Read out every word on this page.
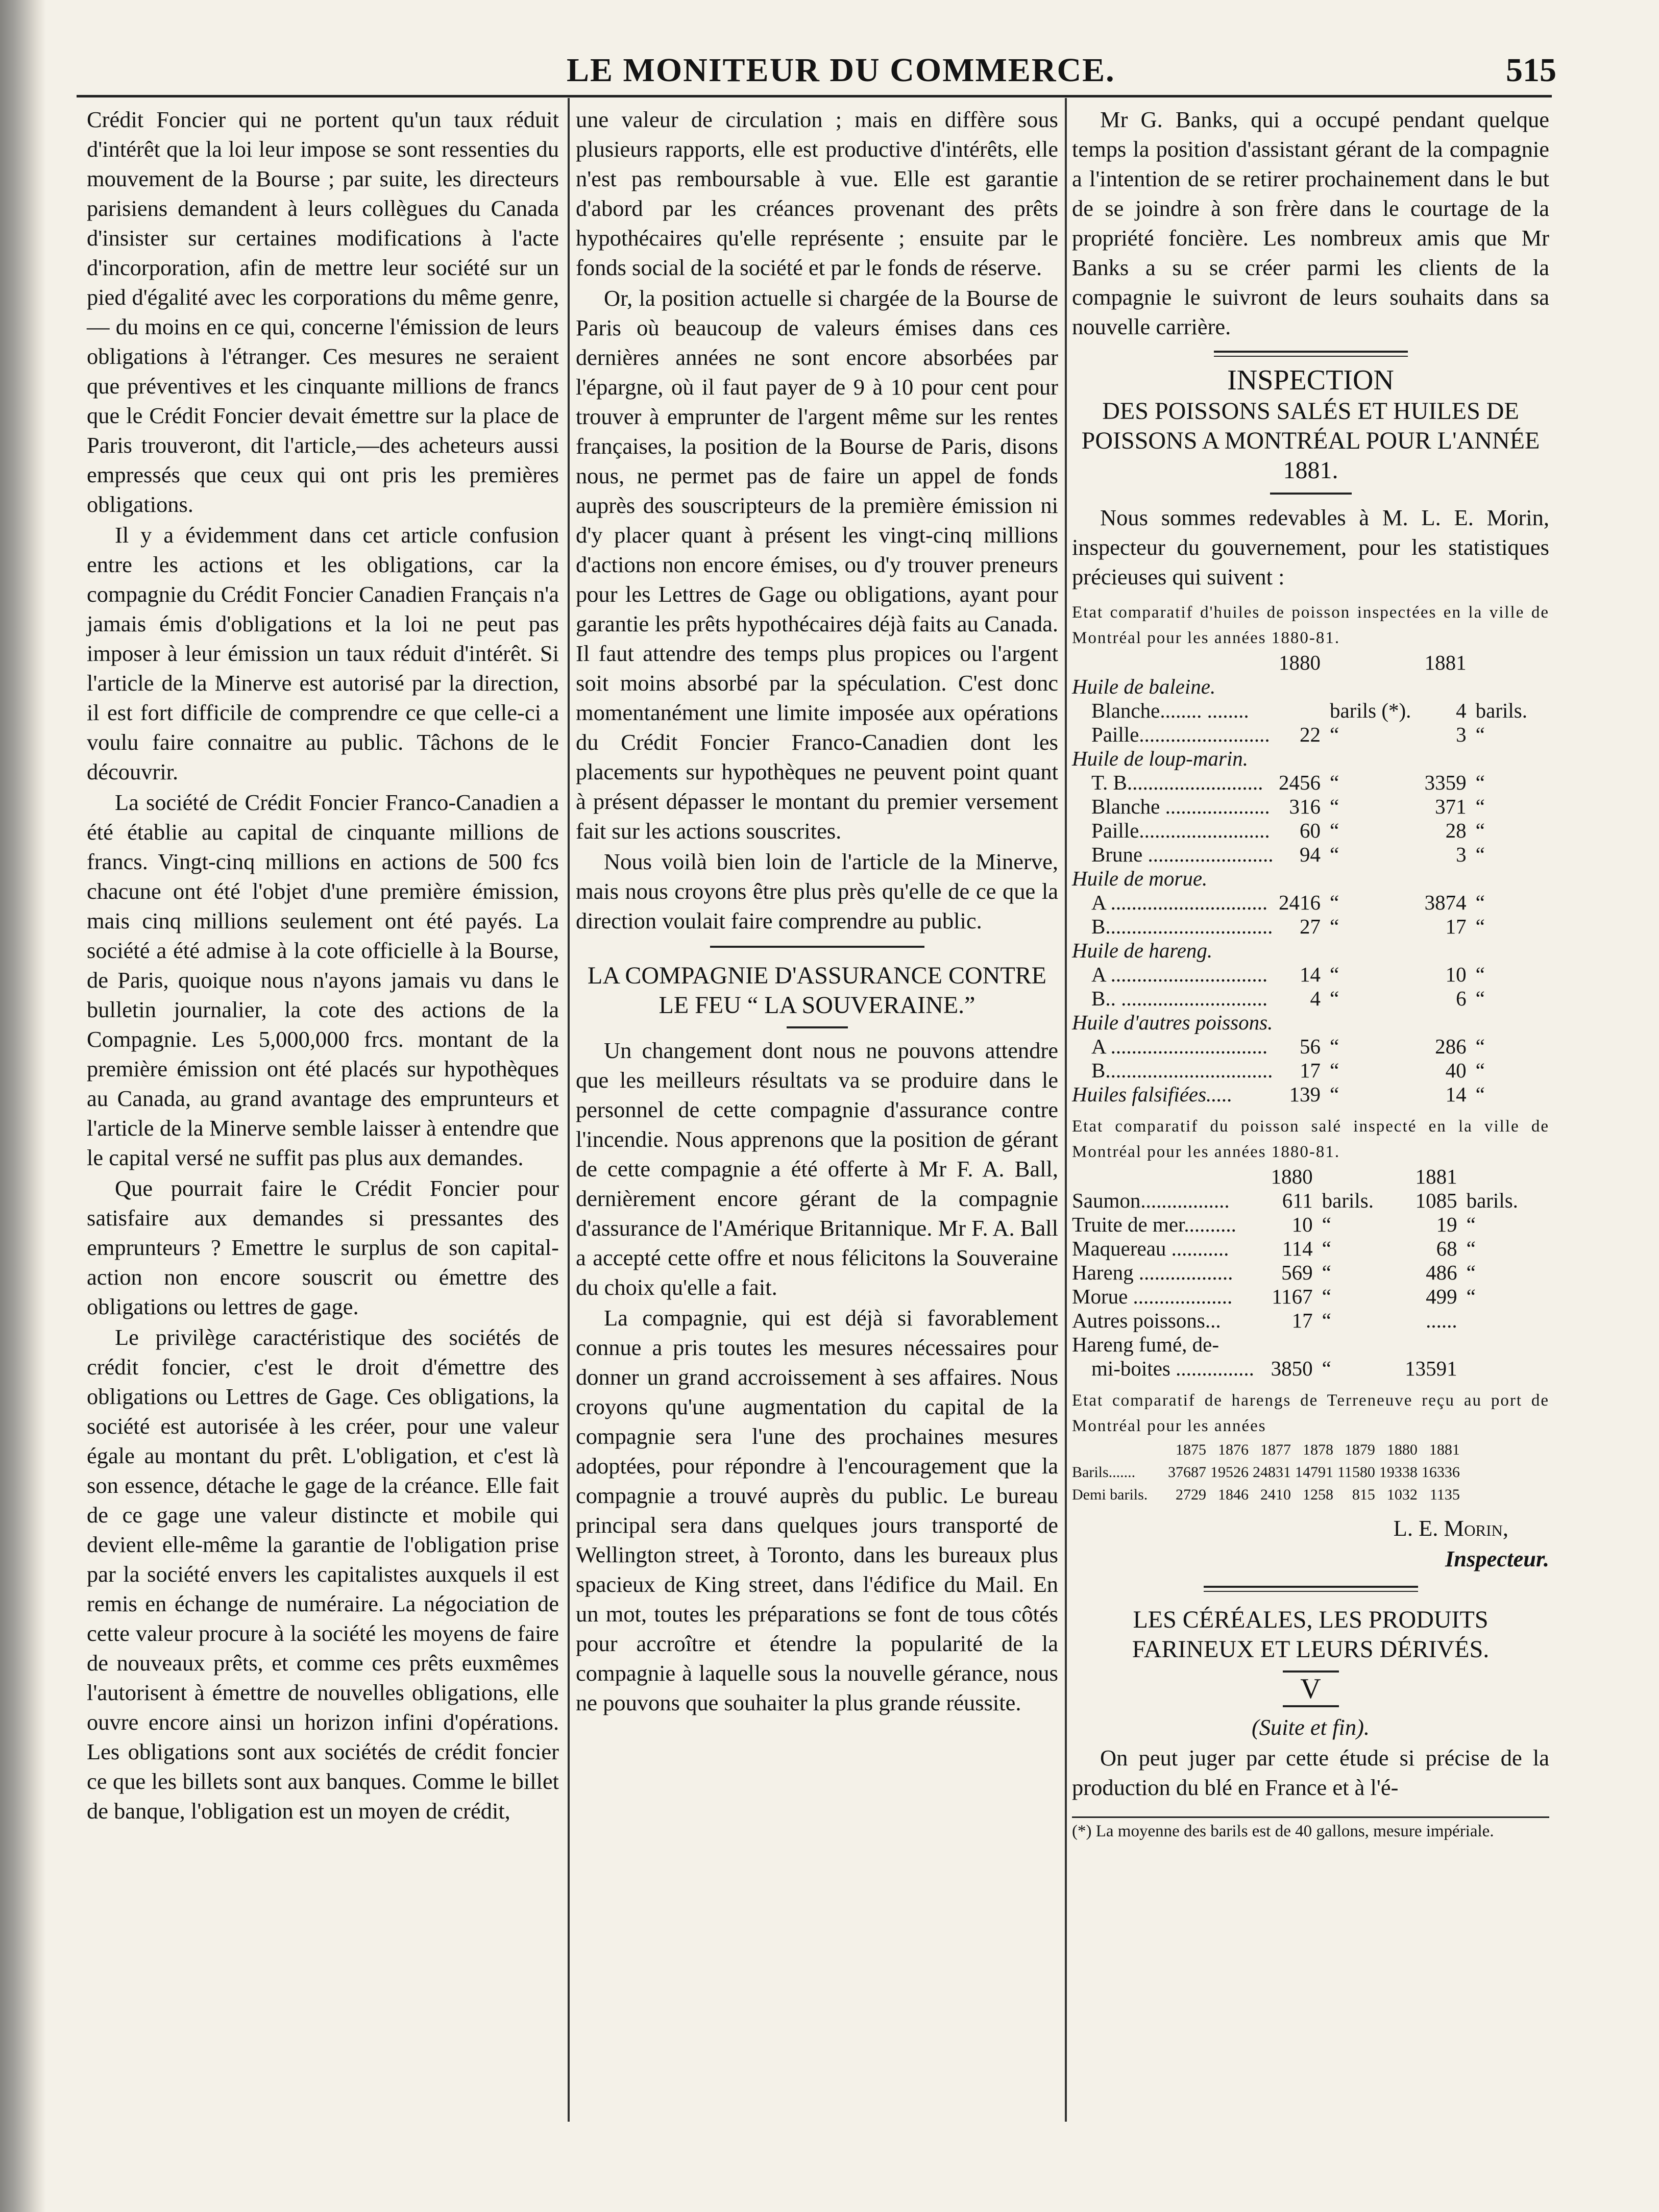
LE MONITEUR DU COMMERCE.	515

Crédit Foncier qui ne portent qu'un taux réduit d'intérêt que la loi leur impose se sont ressenties du mouvement de la Bourse ; par suite, les directeurs parisiens demandent à leurs collègues du Canada d'insister sur certaines modifications à l'acte d'incorporation, afin de mettre leur société sur un pied d'égalité avec les corporations du même genre, — du moins en ce qui, concerne l'émission de leurs obligations à l'étranger. Ces mesures ne seraient que préventives et les cinquante millions de francs que le Crédit Foncier devait émettre sur la place de Paris trouveront, dit l'article,—des acheteurs aussi empressés que ceux qui ont pris les premières obligations.

Il y a évidemment dans cet article confusion entre les actions et les obligations, car la compagnie du Crédit Foncier Canadien Français n'a jamais émis d'obligations et la loi ne peut pas imposer à leur émission un taux réduit d'intérêt. Si l'article de la Minerve est autorisé par la direction, il est fort difficile de comprendre ce que celle-ci a voulu faire connaitre au public. Tâchons de le découvrir.

La société de Crédit Foncier Franco-Canadien a été établie au capital de cinquante millions de francs. Vingt-cinq millions en actions de 500 fcs chacune ont été l'objet d'une première émission, mais cinq millions seulement ont été payés. La société a été admise à la cote officielle à la Bourse, de Paris, quoique nous n'ayons jamais vu dans le bulletin journalier, la cote des actions de la Compagnie. Les 5,000,000 frcs. montant de la première émission ont été placés sur hypothèques au Canada, au grand avantage des emprunteurs et l'article de la Minerve semble laisser à entendre que le capital versé ne suffit pas plus aux demandes.

Que pourrait faire le Crédit Foncier pour satisfaire aux demandes si pressantes des emprunteurs ? Emettre le surplus de son capital-action non encore souscrit ou émettre des obligations ou lettres de gage.

Le privilège caractéristique des sociétés de crédit foncier, c'est le droit d'émettre des obligations ou Lettres de Gage. Ces obligations, la société est autorisée à les créer, pour une valeur égale au montant du prêt. L'obligation, et c'est là son essence, détache le gage de la créance. Elle fait de ce gage une valeur distincte et mobile qui devient elle-même la garantie de l'obligation prise par la société envers les capitalistes auxquels il est remis en échange de numéraire. La négociation de cette valeur procure à la société les moyens de faire de nouveaux prêts, et comme ces prêts euxmêmes l'autorisent à émettre de nouvelles obligations, elle ouvre encore ainsi un horizon infini d'opérations. Les obligations sont aux sociétés de crédit foncier ce que les billets sont aux banques. Comme le billet de banque, l'obligation est un moyen de crédit,

une valeur de circulation ; mais en diffère sous plusieurs rapports, elle est productive d'intérêts, elle n'est pas remboursable à vue. Elle est garantie d'abord par les créances provenant des prêts hypothécaires qu'elle représente ; ensuite par le fonds social de la société et par le fonds de réserve.

Or, la position actuelle si chargée de la Bourse de Paris où beaucoup de valeurs émises dans ces dernières années ne sont encore absorbées par l'épargne, où il faut payer de 9 à 10 pour cent pour trouver à emprunter de l'argent même sur les rentes françaises, la position de la Bourse de Paris, disons nous, ne permet pas de faire un appel de fonds auprès des souscripteurs de la première émission ni d'y placer quant à présent les vingt-cinq millions d'actions non encore émises, ou d'y trouver preneurs pour les Lettres de Gage ou obligations, ayant pour garantie les prêts hypothécaires déjà faits au Canada. Il faut attendre des temps plus propices ou l'argent soit moins absorbé par la spéculation. C'est donc momentanément une limite imposée aux opérations du Crédit Foncier Franco-Canadien dont les placements sur hypothèques ne peuvent point quant à présent dépasser le montant du premier versement fait sur les actions souscrites.

Nous voilà bien loin de l'article de la Minerve, mais nous croyons être plus près qu'elle de ce que la direction voulait faire comprendre au public.

LA COMPAGNIE D'ASSURANCE CONTRE LE FEU “ LA SOUVERAINE.”

Un changement dont nous ne pouvons attendre que les meilleurs résultats va se produire dans le personnel de cette compagnie d'assurance contre l'incendie. Nous apprenons que la position de gérant de cette compagnie a été offerte à Mr F. A. Ball, dernièrement encore gérant de la compagnie d'assurance de l'Amérique Britannique. Mr F. A. Ball a accepté cette offre et nous félicitons la Souveraine du choix qu'elle a fait.

La compagnie, qui est déjà si favorablement connue a pris toutes les mesures nécessaires pour donner un grand accroissement à ses affaires. Nous croyons qu'une augmentation du capital de la compagnie sera l'une des prochaines mesures adoptées, pour répondre à l'encouragement que la compagnie a trouvé auprès du public. Le bureau principal sera dans quelques jours transporté de Wellington street, à Toronto, dans les bureaux plus spacieux de King street, dans l'édifice du Mail. En un mot, toutes les préparations se font de tous côtés pour accroître et étendre la popularité de la compagnie à laquelle sous la nouvelle gérance, nous ne pouvons que souhaiter la plus grande réussite.

Mr G. Banks, qui a occupé pendant quelque temps la position d'assistant gérant de la compagnie a l'intention de se retirer prochainement dans le but de se joindre à son frère dans le courtage de la propriété foncière. Les nombreux amis que Mr Banks a su se créer parmi les clients de la compagnie le suivront de leurs souhaits dans sa nouvelle carrière.

INSPECTION
DES POISSONS SALÉS ET HUILES DE POISSONS A MONTRÉAL POUR L'ANNÉE 1881.

Nous sommes redevables à M. L. E. Morin, inspecteur du gouvernement, pour les statistiques précieuses qui suivent :

Etat comparatif d'huiles de poisson inspectées en la ville de Montréal pour les années 1880-81.

	1880		1881	
Huile de baleine.				
Blanche........ ........		barils (*).	4	barils.
Paille.........................	22	“	3	“
Huile de loup-marin.				
T. B..........................	2456	“	3359	“
Blanche ....................	316	“	371	“
Paille.........................	60	“	28	“
Brune ........................	94	“	3	“
Huile de morue.				
A ..............................	2416	“	3874	“
B................................	27	“	17	“
Huile de hareng.				
A ..............................	14	“	10	“
B.. ............................	4	“	6	“
Huile d'autres poissons.				
A ..............................	56	“	286	“
B................................	17	“	40	“
Huiles falsifiées.....	139	“	14	“

Etat comparatif du poisson salé inspecté en la ville de Montréal pour les années 1880-81.

	1880		1881	
Saumon.................	611	barils.	1085	barils.
Truite de mer..........	10	“	19	“
Maquereau ...........	114	“	68	“
Hareng ..................	569	“	486	“
Morue ...................	1167	“	499	“
Autres poissons...	17	“	......	
Hareng fumé, de-				
mi-boites ...............	3850	“	13591	

Etat comparatif de harengs de Terreneuve reçu au port de Montréal pour les années

	1875	1876	1877	1878	1879	1880	1881
Barils.......	37687	19526	24831	14791	11580	19338	16336
Demi barils.	2729	1846	2410	1258	815	1032	1135

L. E. Morin,

Inspecteur.

LES CÉRÉALES, LES PRODUITS FARINEUX ET LEURS DÉRIVÉS.
V

(Suite et fin).

On peut juger par cette étude si précise de la production du blé en France et à l'é-

(*) La moyenne des barils est de 40 gallons, mesure impériale.
